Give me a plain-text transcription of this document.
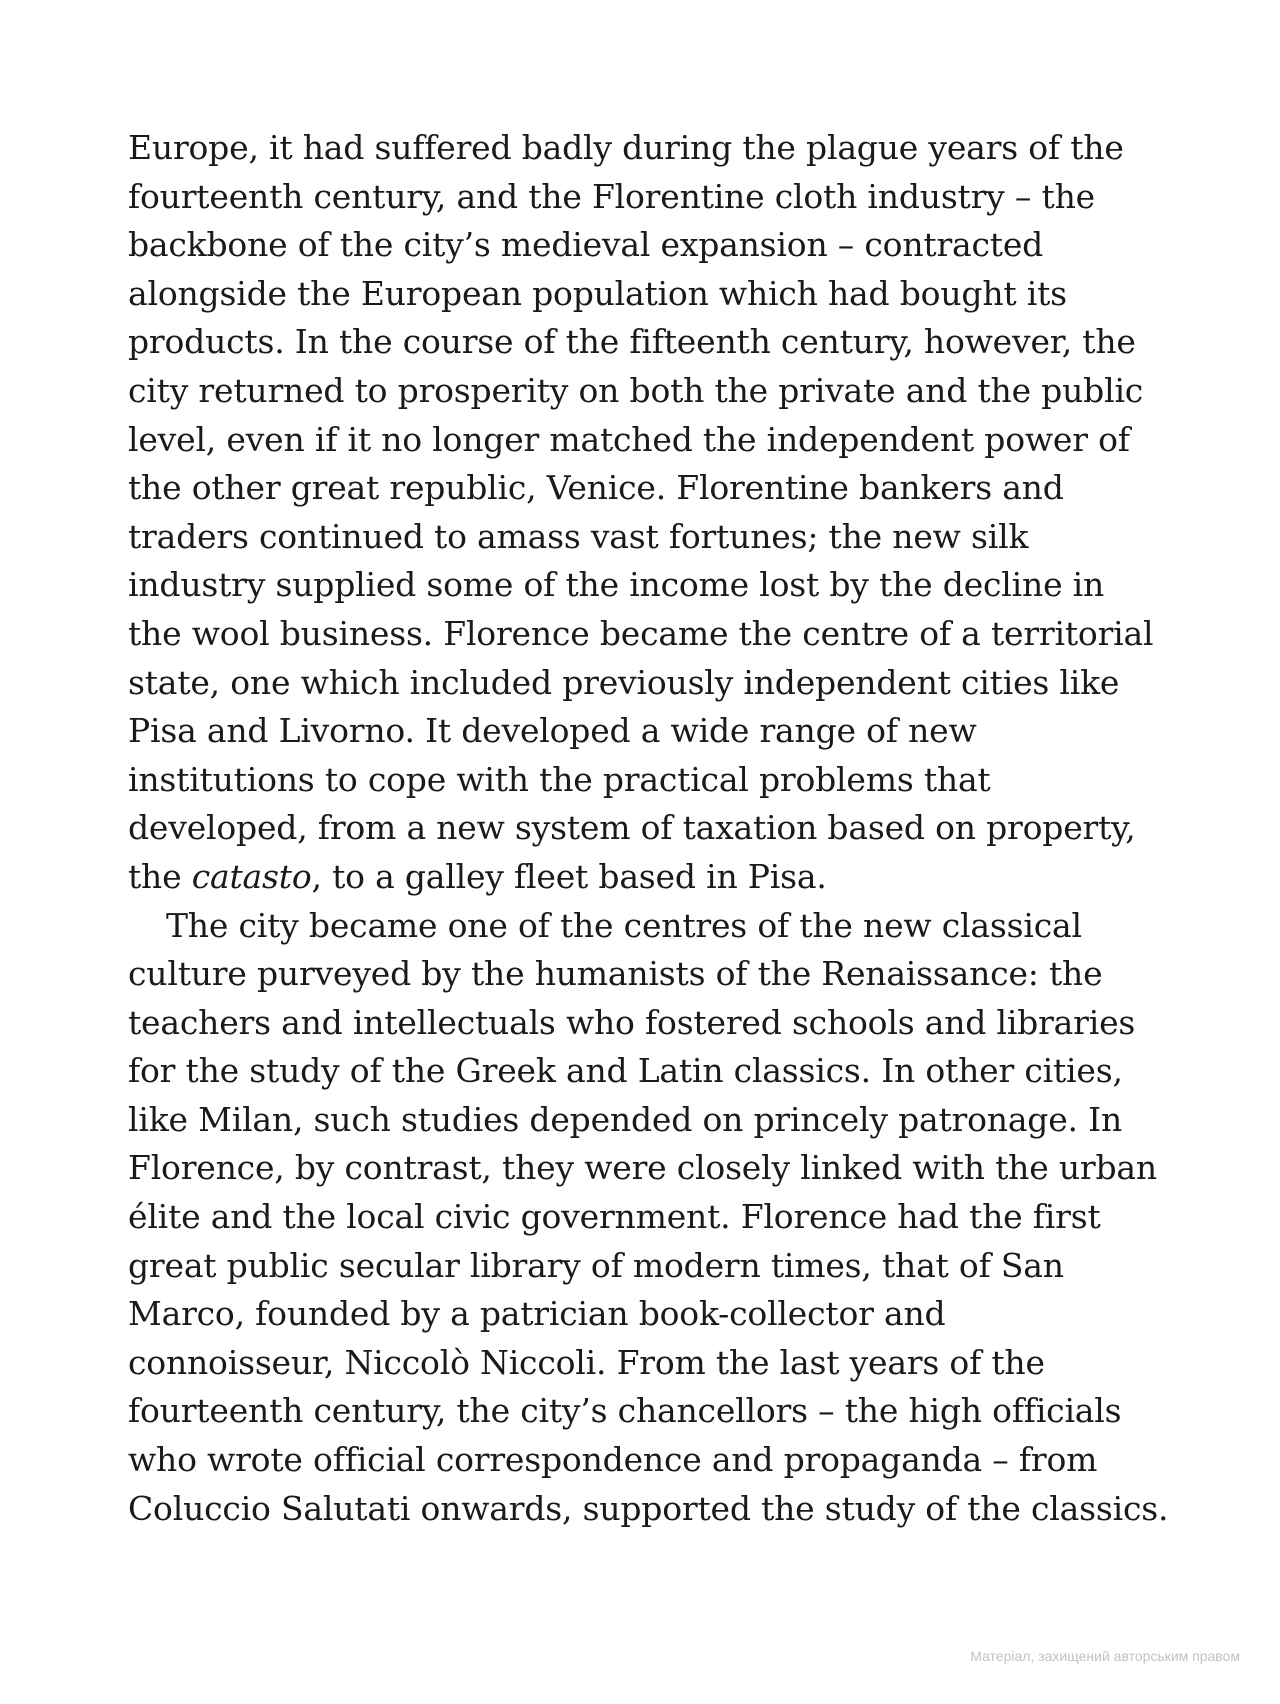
Europe, it had suffered badly during the plague years of the
fourteenth century, and the Florentine cloth industry – the
backbone of the city’s medieval expansion – contracted
alongside the European population which had bought its
products. In the course of the fifteenth century, however, the
city returned to prosperity on both the private and the public
level, even if it no longer matched the independent power of
the other great republic, Venice. Florentine bankers and
traders continued to amass vast fortunes; the new silk
industry supplied some of the income lost by the decline in
the wool business. Florence became the centre of a territorial
state, one which included previously independent cities like
Pisa and Livorno. It developed a wide range of new
institutions to cope with the practical problems that
developed, from a new system of taxation based on property,
the catasto, to a galley fleet based in Pisa.
The city became one of the centres of the new classical
culture purveyed by the humanists of the Renaissance: the
teachers and intellectuals who fostered schools and libraries
for the study of the Greek and Latin classics. In other cities,
like Milan, such studies depended on princely patronage. In
Florence, by contrast, they were closely linked with the urban
élite and the local civic government. Florence had the first
great public secular library of modern times, that of San
Marco, founded by a patrician book-collector and
connoisseur, Niccolò Niccoli. From the last years of the
fourteenth century, the city’s chancellors – the high officials
who wrote official correspondence and propaganda – from
Coluccio Salutati onwards, supported the study of the classics.
Матеріал, захищений авторським правом
